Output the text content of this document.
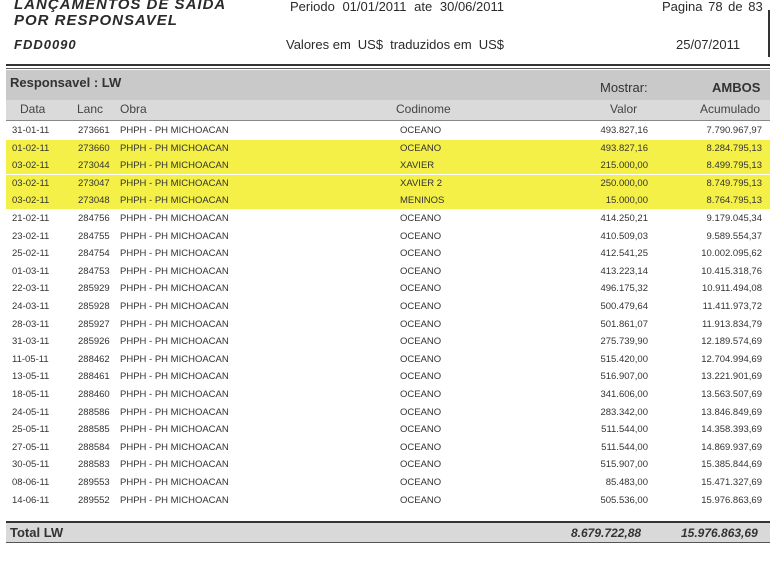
LANÇAMENTOS DE SAIDA
POR RESPONSAVEL
FDD0090
Periodo 01/01/2011 ate 30/06/2011	Pagina 78 de 83
Valores em US$ traduzidos em US$	25/07/2011
Responsavel : LW	Mostrar:	AMBOS
Data	Lanc Obra	Codinome	Valor	Acumulado
31-01-11	273661 PHPH - PH MICHOACAN	OCEANO	493.827,16	7.790.967,97
01-02-11	273660 PHPH - PH MICHOACAN	OCEANO	493.827,16	8.284.795,13
03-02-11	273044 PHPH - PH MICHOACAN	XAVIER	215.000,00	8.499.795,13
03-02-11	273047 PHPH - PH MICHOACAN	XAVIER 2	250.000,00	8.749.795,13
03-02-11	273048 PHPH - PH MICHOACAN	MENINOS	15.000,00	8.764.795,13
21-02-11	284756 PHPH - PH MICHOACAN	OCEANO	414.250,21	9.179.045,34
23-02-11	284755 PHPH - PH MICHOACAN	OCEANO	410.509,03	9.589.554,37
25-02-11	284754 PHPH - PH MICHOACAN	OCEANO	412.541,25	10.002.095,62
01-03-11	284753 PHPH - PH MICHOACAN	OCEANO	413.223,14	10.415.318,76
22-03-11	285929 PHPH - PH MICHOACAN	OCEANO	496.175,32	10.911.494,08
24-03-11	285928 PHPH - PH MICHOACAN	OCEANO	500.479,64	11.411.973,72
28-03-11	285927 PHPH - PH MICHOACAN	OCEANO	501.861,07	11.913.834,79
31-03-11	285926 PHPH - PH MICHOACAN	OCEANO	275.739,90	12.189.574,69
11-05-11	288462 PHPH - PH MICHOACAN	OCEANO	515.420,00	12.704.994,69
13-05-11	288461 PHPH - PH MICHOACAN	OCEANO	516.907,00	13.221.901,69
18-05-11	288460 PHPH - PH MICHOACAN	OCEANO	341.606,00	13.563.507,69
24-05-11	288586 PHPH - PH MICHOACAN	OCEANO	283.342,00	13.846.849,69
25-05-11	288585 PHPH - PH MICHOACAN	OCEANO	511.544,00	14.358.393,69
27-05-11	288584 PHPH - PH MICHOACAN	OCEANO	511.544,00	14.869.937,69
30-05-11	288583 PHPH - PH MICHOACAN	OCEANO	515.907,00	15.385.844,69
08-06-11	289553 PHPH - PH MICHOACAN	OCEANO	85.483,00	15.471.327,69
14-06-11	289552 PHPH - PH MICHOACAN	OCEANO	505.536,00	15.976.863,69
Total LW	8.679.722,88	15.976.863,69
